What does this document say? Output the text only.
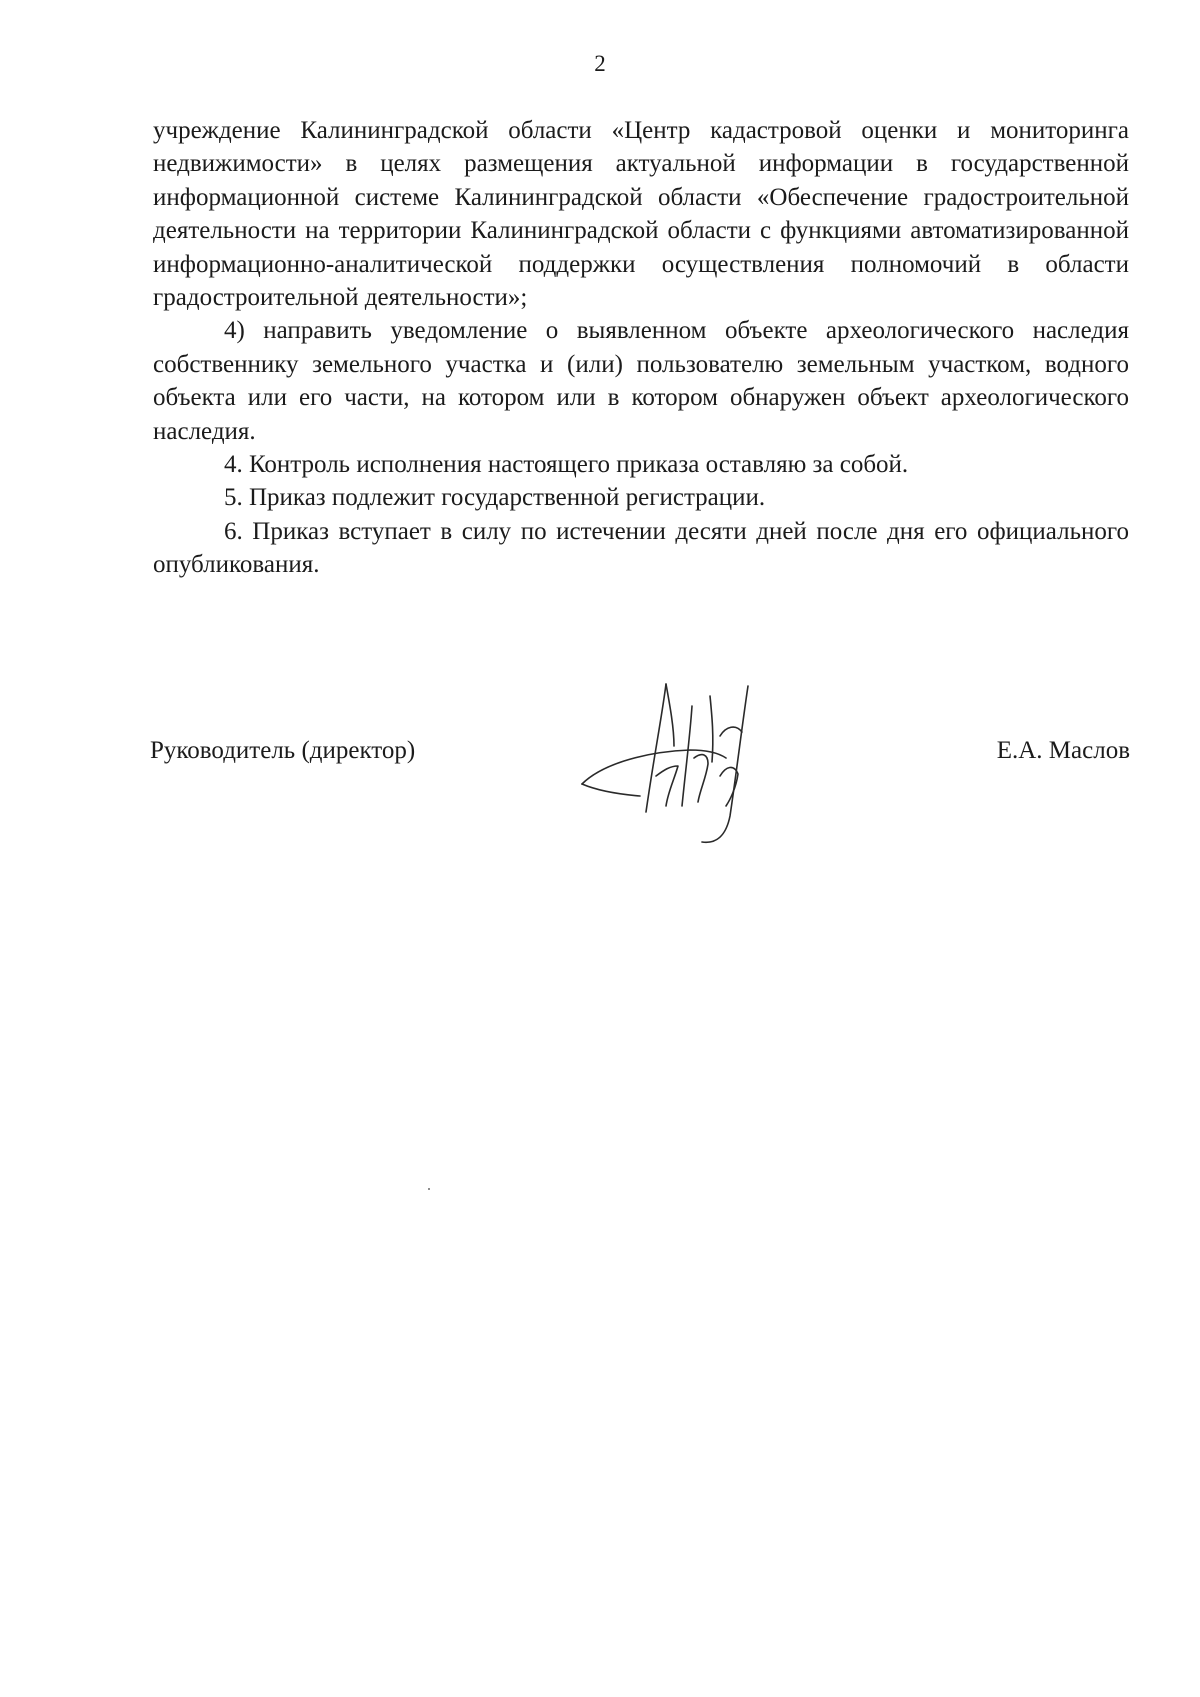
2

учреждение Калининградской области «Центр кадастровой оценки и мониторинга недвижимости» в целях размещения актуальной информации в государственной информационной системе Калининградской области «Обеспечение градостроительной деятельности на территории Калининградской области с функциями автоматизированной информационно-аналитической поддержки осуществления полномочий в области градостроительной деятельности»;

4) направить уведомление о выявленном объекте археологического наследия собственнику земельного участка и (или) пользователю земельным участком, водного объекта или его части, на котором или в котором обнаружен объект археологического наследия.

4. Контроль исполнения настоящего приказа оставляю за собой.

5. Приказ подлежит государственной регистрации.

6. Приказ вступает в силу по истечении десяти дней после дня его официального опубликования.

Руководитель (директор)	Е.А. Маслов
